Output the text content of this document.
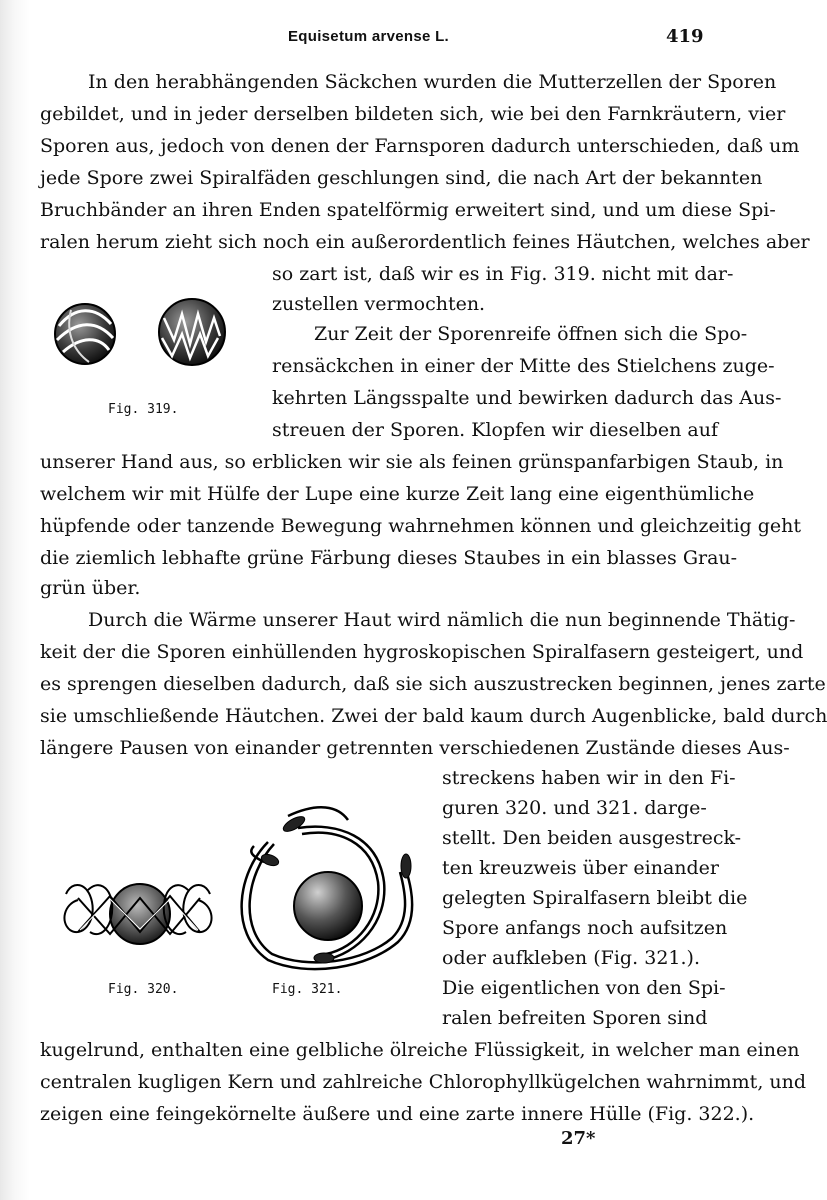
Equisetum arvense L.	419
In den herabhängenden Säckchen wurden die Mutterzellen der Sporen
gebildet, und in jeder derselben bildeten sich, wie bei den Farnkräutern, vier
Sporen aus, jedoch von denen der Farnsporen dadurch unterschieden, daß um
jede Spore zwei Spiralfäden geschlungen sind, die nach Art der bekannten
Bruchbänder an ihren Enden spatelförmig erweitert sind, und um diese Spi-
ralen herum zieht sich noch ein außerordentlich feines Häutchen, welches aber
so zart ist, daß wir es in Fig. 319. nicht mit dar-
zustellen vermochten.
Fig. 319.
Zur Zeit der Sporenreife öffnen sich die Spo-
rensäckchen in einer der Mitte des Stielchens zuge-
kehrten Längsspalte und bewirken dadurch das Aus-
streuen der Sporen. Klopfen wir dieselben auf
unserer Hand aus, so erblicken wir sie als feinen grünspanfarbigen Staub, in
welchem wir mit Hülfe der Lupe eine kurze Zeit lang eine eigenthümliche
hüpfende oder tanzende Bewegung wahrnehmen können und gleichzeitig geht
die ziemlich lebhafte grüne Färbung dieses Staubes in ein blasses Grau-
grün über.
Durch die Wärme unserer Haut wird nämlich die nun beginnende Thätig-
keit der die Sporen einhüllenden hygroskopischen Spiralfasern gesteigert, und
es sprengen dieselben dadurch, daß sie sich auszustrecken beginnen, jenes zarte
sie umschließende Häutchen. Zwei der bald kaum durch Augenblicke, bald durch
längere Pausen von einander getrennten verschiedenen Zustände dieses Aus-
streckens haben wir in den Fi-
guren 320. und 321. darge-
stellt. Den beiden ausgestreck-
ten kreuzweis über einander
gelegten Spiralfasern bleibt die
Spore anfangs noch aufsitzen
oder aufkleben (Fig. 321.).
Die eigentlichen von den Spi-
ralen befreiten Sporen sind
kugelrund, enthalten eine gelbliche ölreiche Flüssigkeit, in welcher man einen
centralen kugligen Kern und zahlreiche Chlorophyllkügelchen wahrnimmt, und
zeigen eine feingekörnelte äußere und eine zarte innere Hülle (Fig. 322.).
Fig. 320.	Fig. 321.
27*
